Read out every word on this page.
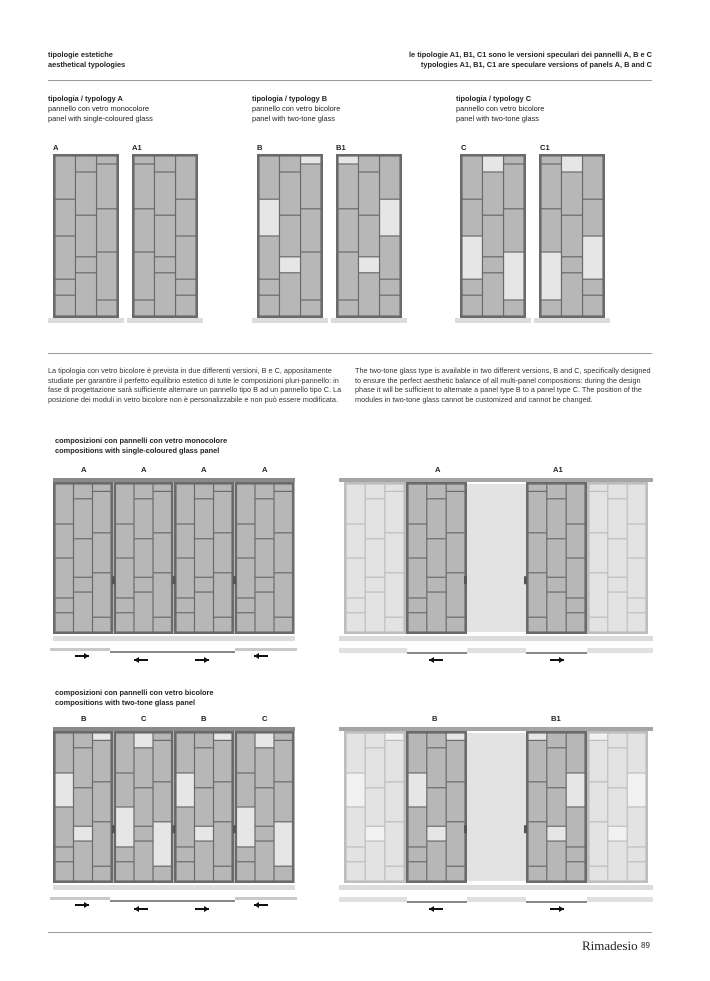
tipologie estetiche
aesthetical typologies
le tipologie A1, B1, C1 sono le versioni speculari dei pannelli A, B e C
typologies A1, B1, C1 are speculare versions of panels A, B and C
tipologia / typology A
pannello con vetro monocolore
panel with single-coloured glass
tipologia / typology B
pannello con vetro bicolore
panel with two-tone glass
tipologia / typology C
pannello con vetro bicolore
panel with two-tone glass
A	A1	B	B1	C	C1
La tipologia con vetro bicolore è prevista in due differenti versioni, B e C, appositamente studiate per garantire il perfetto equilibrio estetico di tutte le composizioni pluri-pannello: in fase di progettazione sarà sufficiente alternare un pannello tipo B ad un pannello tipo C. La posizione dei moduli in vetro bicolore non è personalizzabile e non può essere modificata.
The two-tone glass type is available in two different versions, B and C, specifically designed to ensure the perfect aesthetic balance of all multi-panel compositions: during the design phase it will be sufficient to alternate a panel type B to a panel type C. The position of the modules in two-tone glass cannot be customized and cannot be changed.
composizioni con pannelli con vetro monocolore
compositions with single-coloured glass panel
A	A	A	A	A	A1
composizioni con pannelli con vetro bicolore
compositions with two-tone glass panel
B	C	B	C	B	B1
Rimadesio 89
